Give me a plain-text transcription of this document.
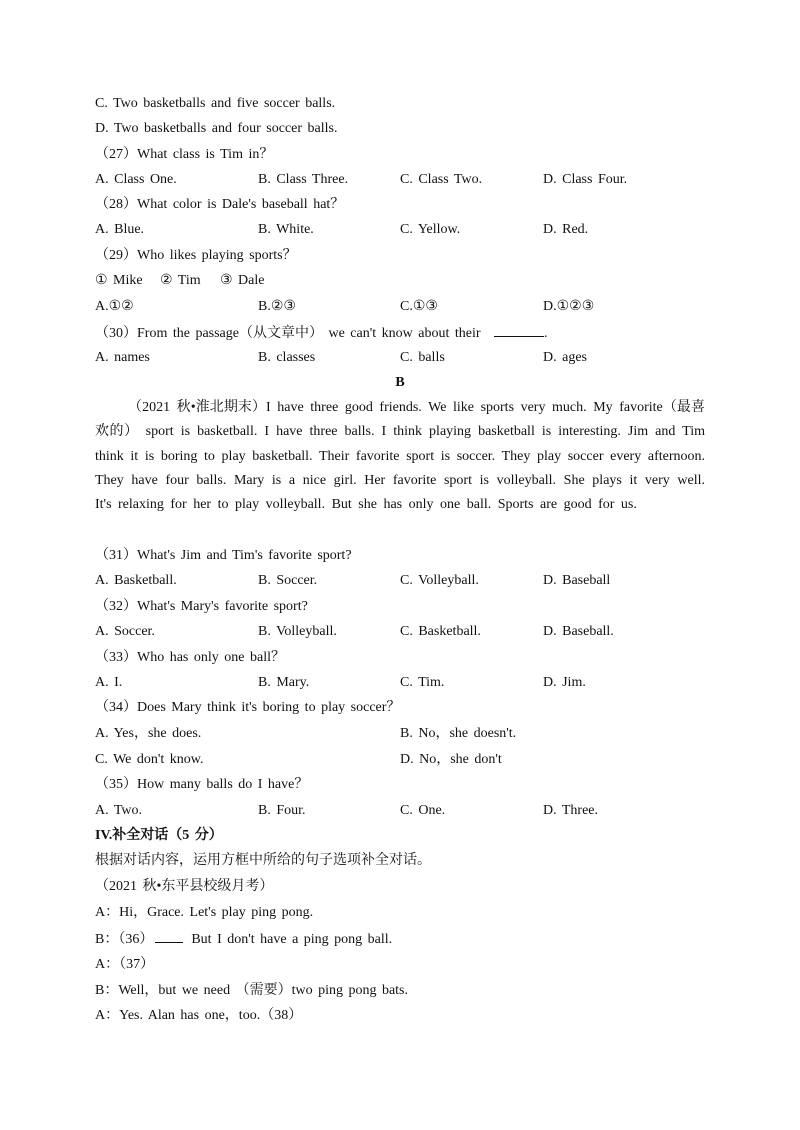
C. Two basketballs and five soccer balls.
D. Two basketballs and four soccer balls.
（27）What class is Tim in？
A. Class One.	B. Class Three.	C. Class Two.	D. Class Four.
（28）What color is Dale's baseball hat？
A. Blue.	B. White.	C. Yellow.	D. Red.
（29）Who likes playing sports？
① Mike ② Tim ③ Dale
A.①②	B.②③	C.①③	D.①②③
（30）From the passage（从文章中） we can't know about their	.
A. names	B. classes	C. balls	D. ages
B
（2021 秋•淮北期末）I have three good friends. We like sports very much. My favorite（最喜欢的） sport is basketball. I have three balls. I think playing basketball is interesting. Jim and Tim think it is boring to play basketball. Their favorite sport is soccer. They play soccer every afternoon. They have four balls. Mary is a nice girl. Her favorite sport is volleyball. She plays it very well. It's relaxing for her to play volleyball. But she has only one ball. Sports are good for us.
（31）What's Jim and Tim's favorite sport?
A. Basketball.	B. Soccer.	C. Volleyball.	D. Baseball
（32）What's Mary's favorite sport?
A. Soccer.	B. Volleyball.	C. Basketball.	D. Baseball.
（33）Who has only one ball？
A. I.	B. Mary.	C. Tim.	D. Jim.
（34）Does Mary think it's boring to play soccer？
A. Yes，she does.	B. No，she doesn't.
C. We don't know.	D. No，she don't
（35）How many balls do I have？
A. Two.	B. Four.	C. One.	D. Three.
IV.补全对话（5 分）
根据对话内容，运用方框中所给的句子选项补全对话。
（2021 秋•东平县校级月考）
A：Hi，Grace. Let's play ping pong.
B：（36）	But I don't have a ping pong ball.
A：（37）
B：Well，but we need （需要）two ping pong bats.
A：Yes. Alan has one，too.（38）
